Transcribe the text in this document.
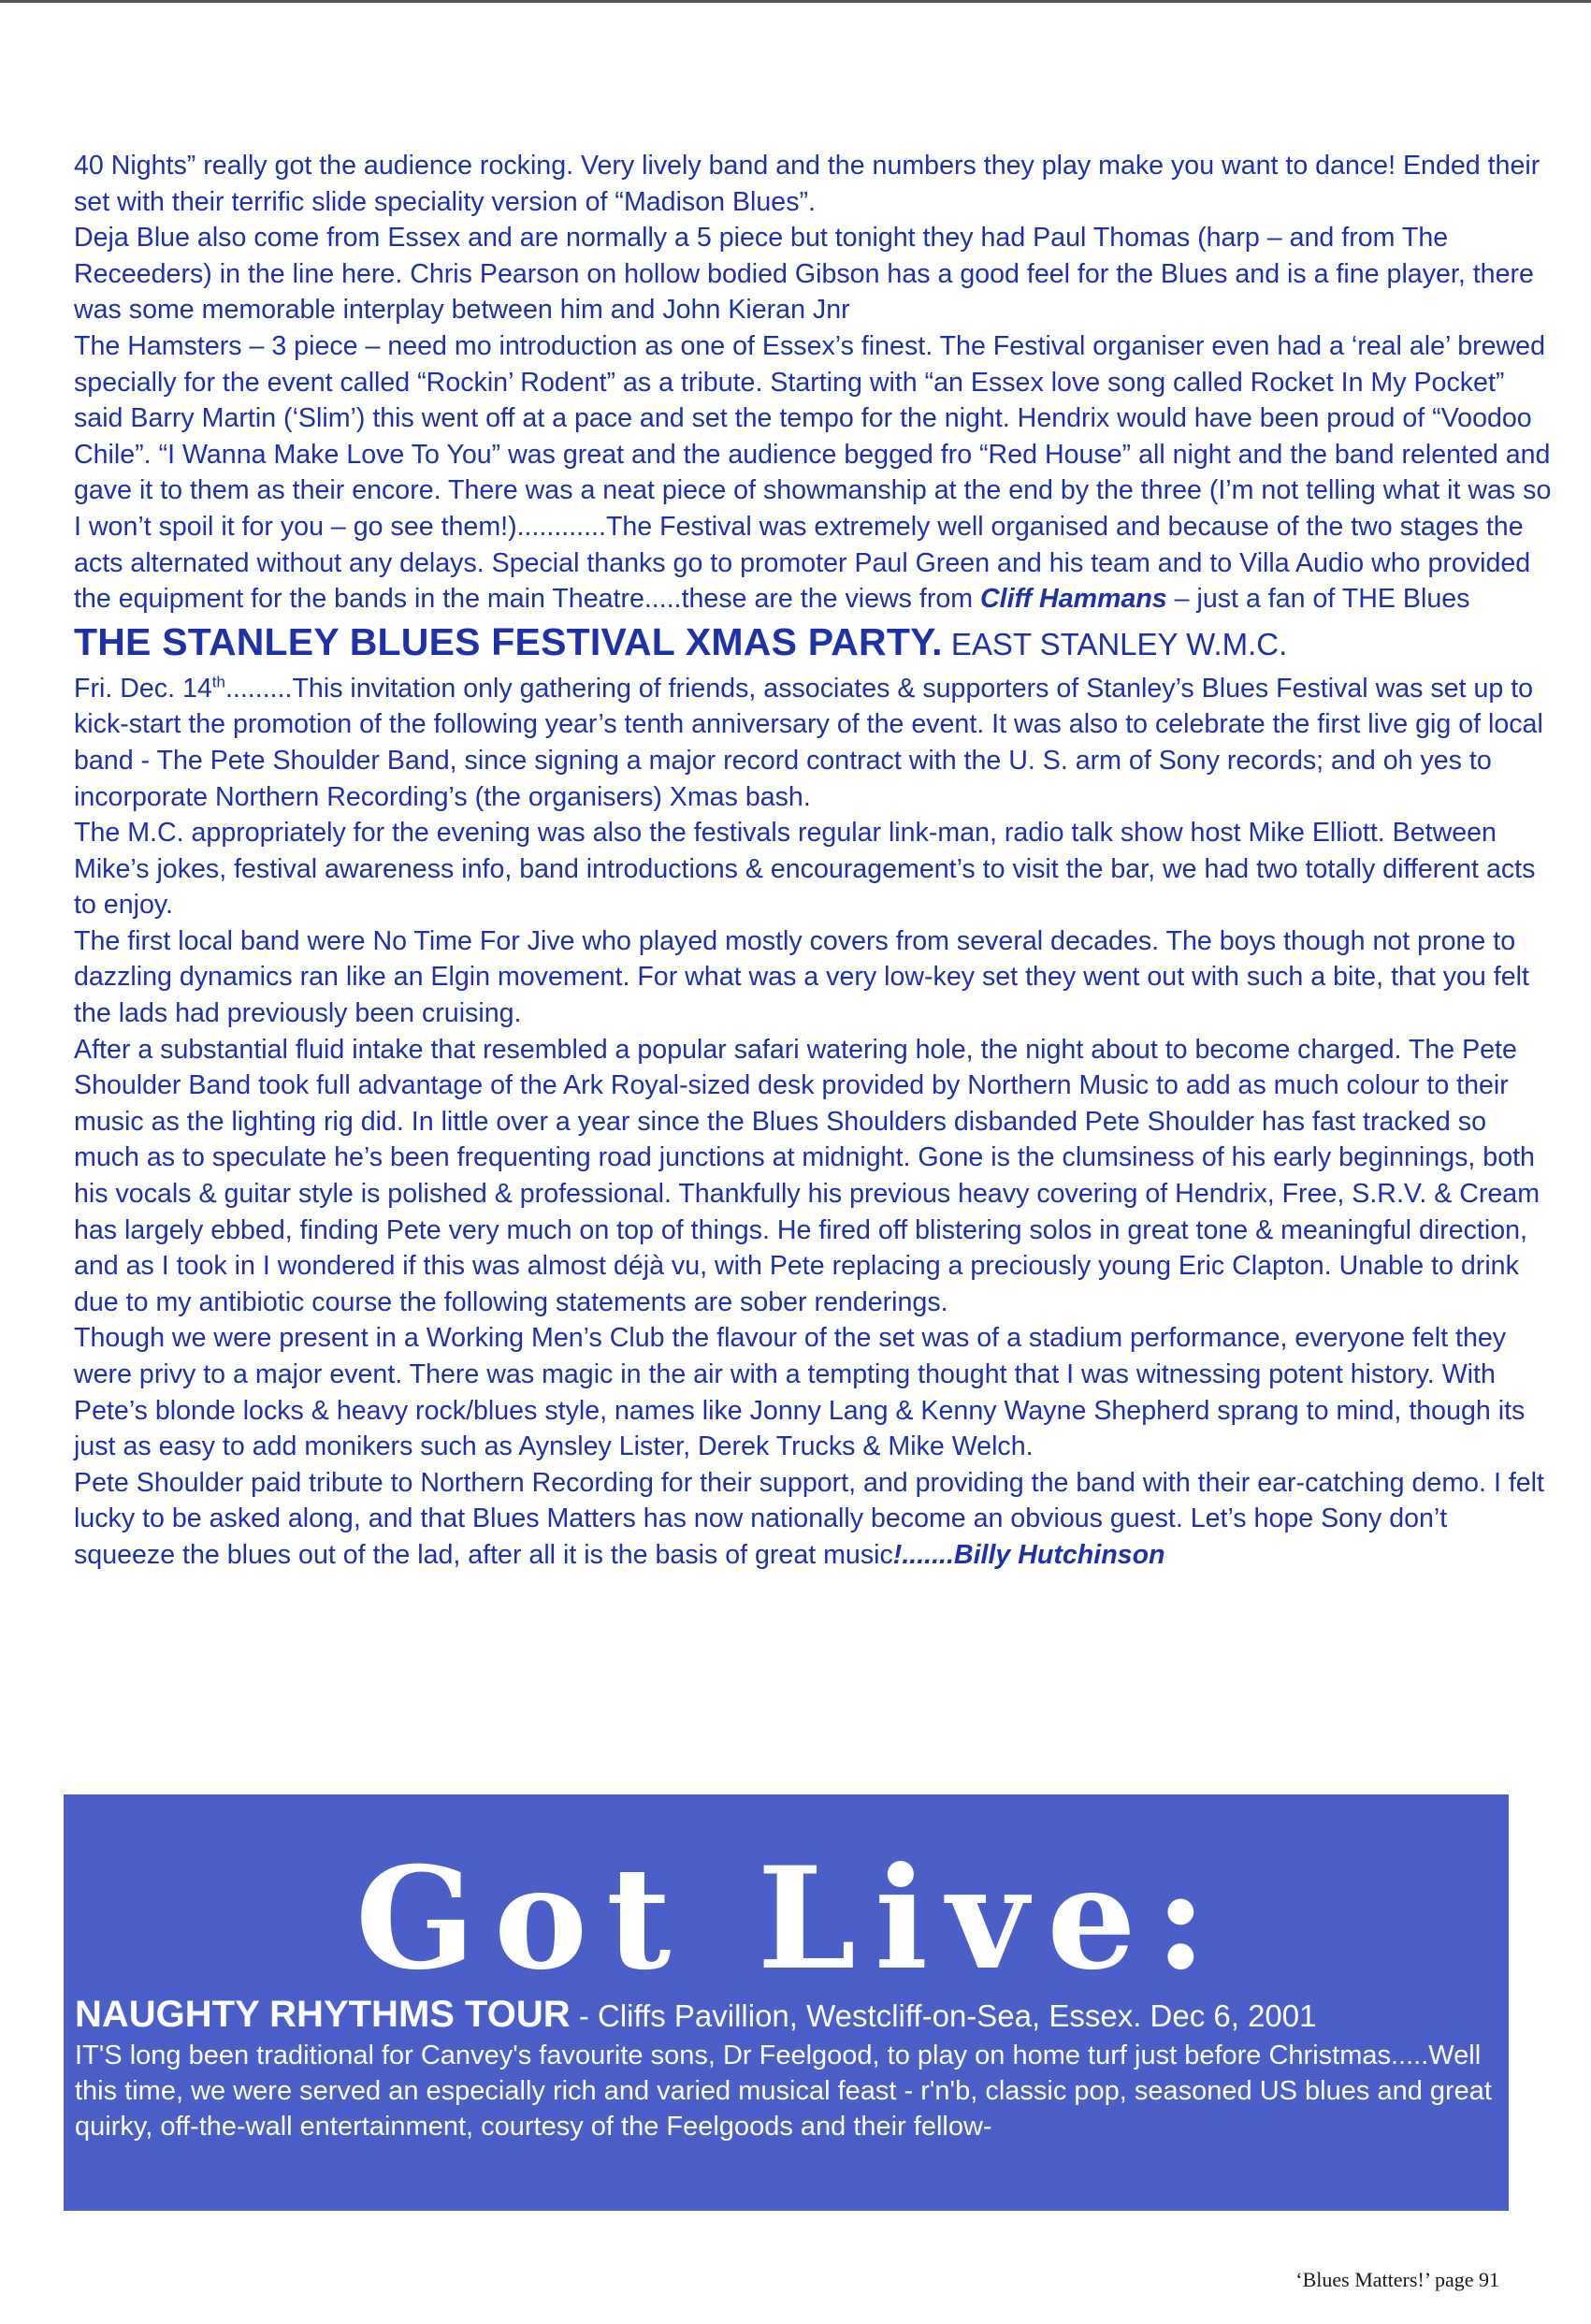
40 Nights” really got the audience rocking. Very lively band and the numbers they play make you want to dance! Ended their set with their terrific slide speciality version of “Madison Blues”.

Deja Blue also come from Essex and are normally a 5 piece but tonight they had Paul Thomas (harp – and from The Receeders) in the line here. Chris Pearson on hollow bodied Gibson has a good feel for the Blues and is a fine player, there was some memorable interplay between him and John Kieran Jnr

The Hamsters – 3 piece – need mo introduction as one of Essex’s finest. The Festival organiser even had a ‘real ale’ brewed specially for the event called “Rockin’ Rodent” as a tribute. Starting with “an Essex love song called Rocket In My Pocket” said Barry Martin (‘Slim’) this went off at a pace and set the tempo for the night. Hendrix would have been proud of “Voodoo Chile”. “I Wanna Make Love To You” was great and the audience begged fro “Red House” all night and the band relented and gave it to them as their encore. There was a neat piece of showmanship at the end by the three (I’m not telling what it was so I won’t spoil it for you – go see them!)............The Festival was extremely well organised and because of the two stages the acts alternated without any delays. Special thanks go to promoter Paul Green and his team and to Villa Audio who provided the equipment for the bands in the main Theatre.....these are the views from Cliff Hammans – just a fan of THE Blues

THE STANLEY BLUES FESTIVAL XMAS PARTY. EAST STANLEY W.M.C.

Fri. Dec. 14th.........This invitation only gathering of friends, associates & supporters of Stanley’s Blues Festival was set up to kick-start the promotion of the following year’s tenth anniversary of the event. It was also to celebrate the first live gig of local band - The Pete Shoulder Band, since signing a major record contract with the U. S. arm of Sony records; and oh yes to incorporate Northern Recording’s (the organisers) Xmas bash.

The M.C. appropriately for the evening was also the festivals regular link-man, radio talk show host Mike Elliott. Between Mike’s jokes, festival awareness info, band introductions & encouragement’s to visit the bar, we had two totally different acts to enjoy.

The first local band were No Time For Jive who played mostly covers from several decades. The boys though not prone to dazzling dynamics ran like an Elgin movement. For what was a very low-key set they went out with such a bite, that you felt the lads had previously been cruising.

After a substantial fluid intake that resembled a popular safari watering hole, the night about to become charged. The Pete Shoulder Band took full advantage of the Ark Royal-sized desk provided by Northern Music to add as much colour to their music as the lighting rig did. In little over a year since the Blues Shoulders disbanded Pete Shoulder has fast tracked so much as to speculate he’s been frequenting road junctions at midnight. Gone is the clumsiness of his early beginnings, both his vocals & guitar style is polished & professional. Thankfully his previous heavy covering of Hendrix, Free, S.R.V. & Cream has largely ebbed, finding Pete very much on top of things. He fired off blistering solos in great tone & meaningful direction, and as I took in I wondered if this was almost déjà vu, with Pete replacing a preciously young Eric Clapton. Unable to drink due to my antibiotic course the following statements are sober renderings.

Though we were present in a Working Men’s Club the flavour of the set was of a stadium performance, everyone felt they were privy to a major event. There was magic in the air with a tempting thought that I was witnessing potent history. With Pete’s blonde locks & heavy rock/blues style, names like Jonny Lang & Kenny Wayne Shepherd sprang to mind, though its just as easy to add monikers such as Aynsley Lister, Derek Trucks & Mike Welch.

Pete Shoulder paid tribute to Northern Recording for their support, and providing the band with their ear-catching demo. I felt lucky to be asked along, and that Blues Matters has now nationally become an obvious guest. Let’s hope Sony don’t squeeze the blues out of the lad, after all it is the basis of great music!.......Billy Hutchinson

Got Live:
NAUGHTY RHYTHMS TOUR - Cliffs Pavillion, Westcliff-on-Sea, Essex. Dec 6, 2001
IT'S long been traditional for Canvey's favourite sons, Dr Feelgood, to play on home turf just before Christmas.....Well this time, we were served an especially rich and varied musical feast - r'n'b, classic pop, seasoned US blues and great quirky, off-the-wall entertainment, courtesy of the Feelgoods and their fellow-
‘Blues Matters!’ page 91
